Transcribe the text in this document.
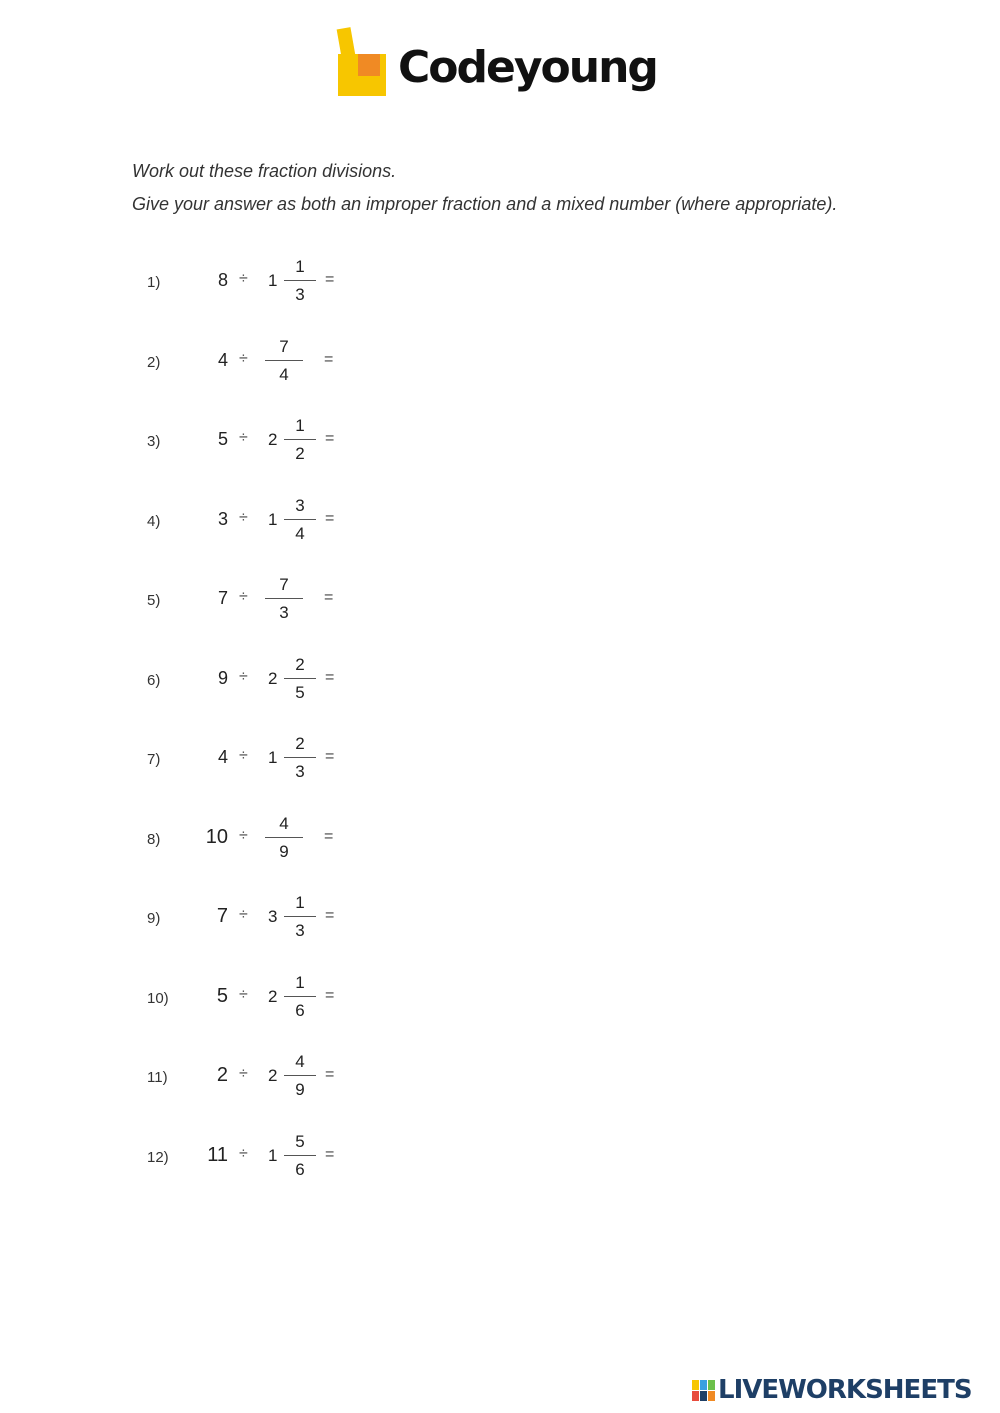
Codeyoung

Work out these fraction divisions.

Give your answer as both an improper fraction and a mixed number (where appropriate).

1)	8 ÷ 1
1
3
=
2)	4 ÷
7
4
=
3)	5 ÷ 2
1
2
=
4)	3 ÷ 1
3
4
=
5)	7 ÷
7
3
=
6)	9 ÷ 2
2
5
=
7)	4 ÷ 1
2
3
=
8) 10 ÷
4
9
=
9)	7 ÷ 3
1
3
=
10) 5 ÷ 2
1
6
=
11) 2 ÷ 2
4
9
=
12) 11 ÷ 1
5
6
=
LIVEWORKSHEETS
